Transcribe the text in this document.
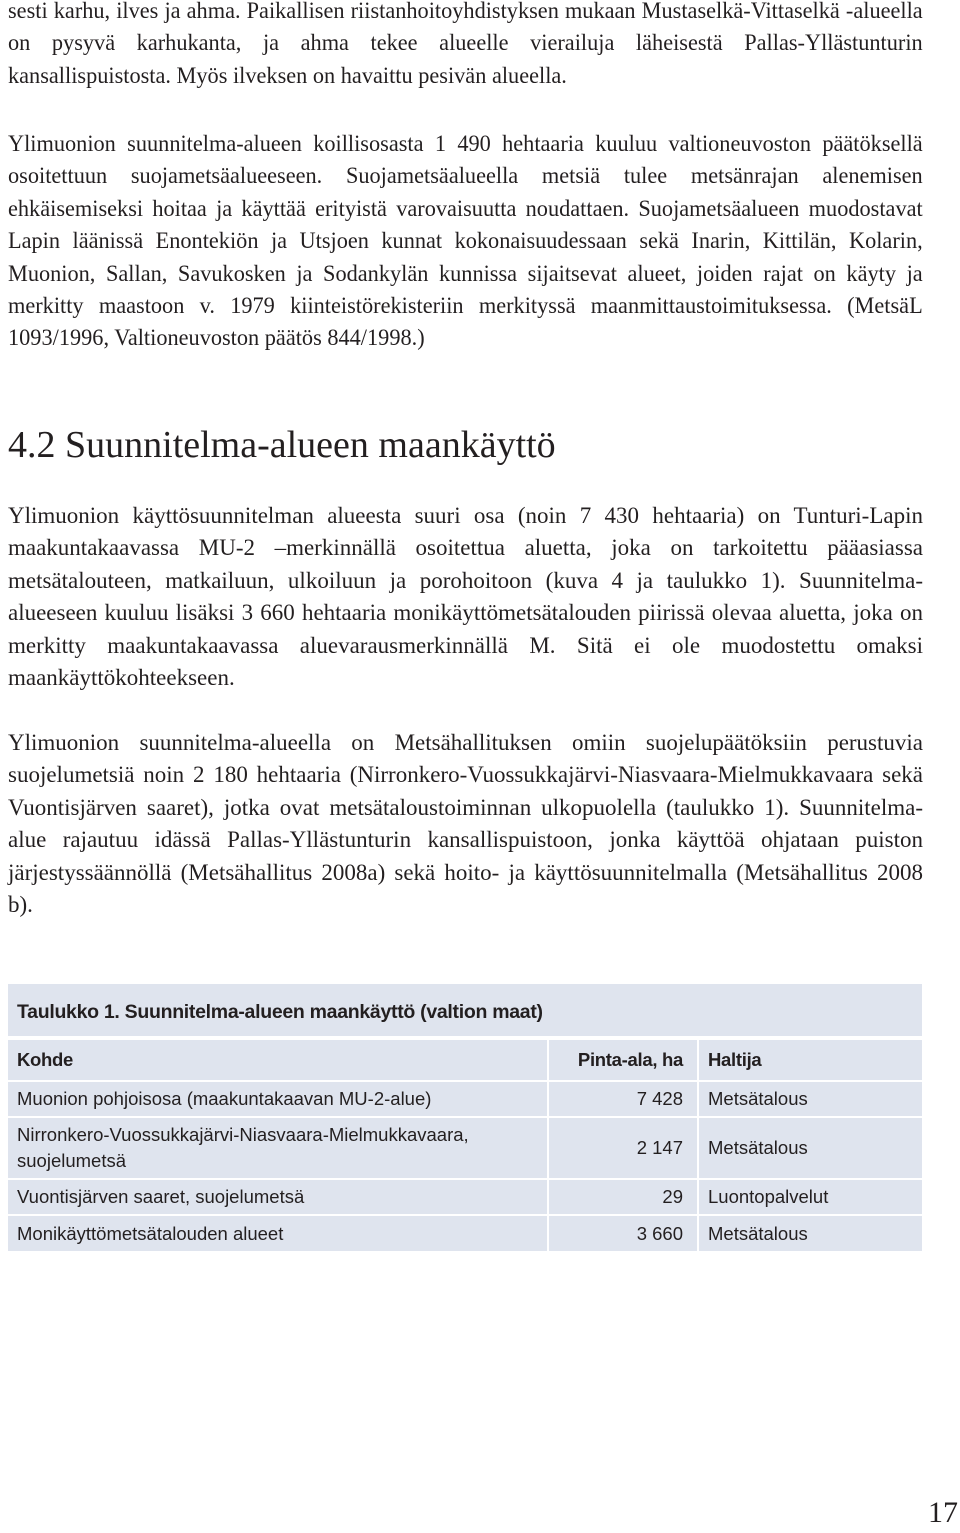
sesti karhu, ilves ja ahma. Paikallisen riistanhoitoyhdistyksen mukaan Mustaselkä-Vittaselkä -alueella on pysyvä karhukanta, ja ahma tekee alueelle vierailuja läheisestä Pallas-Yllästunturin kansallispuistosta. Myös ilveksen on havaittu pesivän alueella.

Ylimuonion suunnitelma-alueen koillisosasta 1 490 hehtaaria kuuluu valtioneuvoston päätöksellä osoitettuun suojametsäalueeseen. Suojametsäalueella metsiä tulee metsänrajan alenemisen ehkäisemiseksi hoitaa ja käyttää erityistä varovaisuutta noudattaen. Suojametsäalueen muodostavat Lapin läänissä Enontekiön ja Utsjoen kunnat kokonaisuudessaan sekä Inarin, Kittilän, Kolarin, Muonion, Sallan, Savukosken ja Sodankylän kunnissa sijaitsevat alueet, joiden rajat on käyty ja merkitty maastoon v. 1979 kiinteistörekisteriin merkityssä maanmittaustoimituksessa. (MetsäL 1093/1996, Valtioneuvoston päätös 844/1998.)

4.2 Suunnitelma-alueen maankäyttö

Ylimuonion käyttösuunnitelman alueesta suuri osa (noin 7 430 hehtaaria) on Tunturi-Lapin maakuntakaavassa MU-2 –merkinnällä osoitettua aluetta, joka on tarkoitettu pääasiassa metsätalouteen, matkailuun, ulkoiluun ja porohoitoon (kuva 4 ja taulukko 1). Suunnitelma-alueeseen kuuluu lisäksi 3 660 hehtaaria monikäyttömetsätalouden piirissä olevaa aluetta, joka on merkitty maakuntakaavassa aluevarausmerkinnällä M. Sitä ei ole muodostettu omaksi maankäyttökohteekseen.

Ylimuonion suunnitelma-alueella on Metsähallituksen omiin suojelupäätöksiin perustuvia suojelumetsiä noin 2 180 hehtaaria (Nirronkero-Vuossukkajärvi-Niasvaara-Mielmukkavaara sekä Vuontisjärven saaret), jotka ovat metsätaloustoiminnan ulkopuolella (taulukko 1). Suunnitelma-alue rajautuu idässä Pallas-Yllästunturin kansallispuistoon, jonka käyttöä ohjataan puiston järjestyssäännöllä (Metsähallitus 2008a) sekä hoito- ja käyttösuunnitelmalla (Metsähallitus 2008 b).

Taulukko 1. Suunnitelma-alueen maankäyttö (valtion maat)
Kohde	Pinta-ala, ha	Haltija
Muonion pohjoisosa (maakuntakaavan MU-2-alue)	7 428	Metsätalous
Nirronkero-Vuossukkajärvi-Niasvaara-Mielmukkavaara, suojelumetsä	2 147	Metsätalous
Vuontisjärven saaret, suojelumetsä	29	Luontopalvelut
Monikäyttömetsätalouden alueet	3 660	Metsätalous
17
